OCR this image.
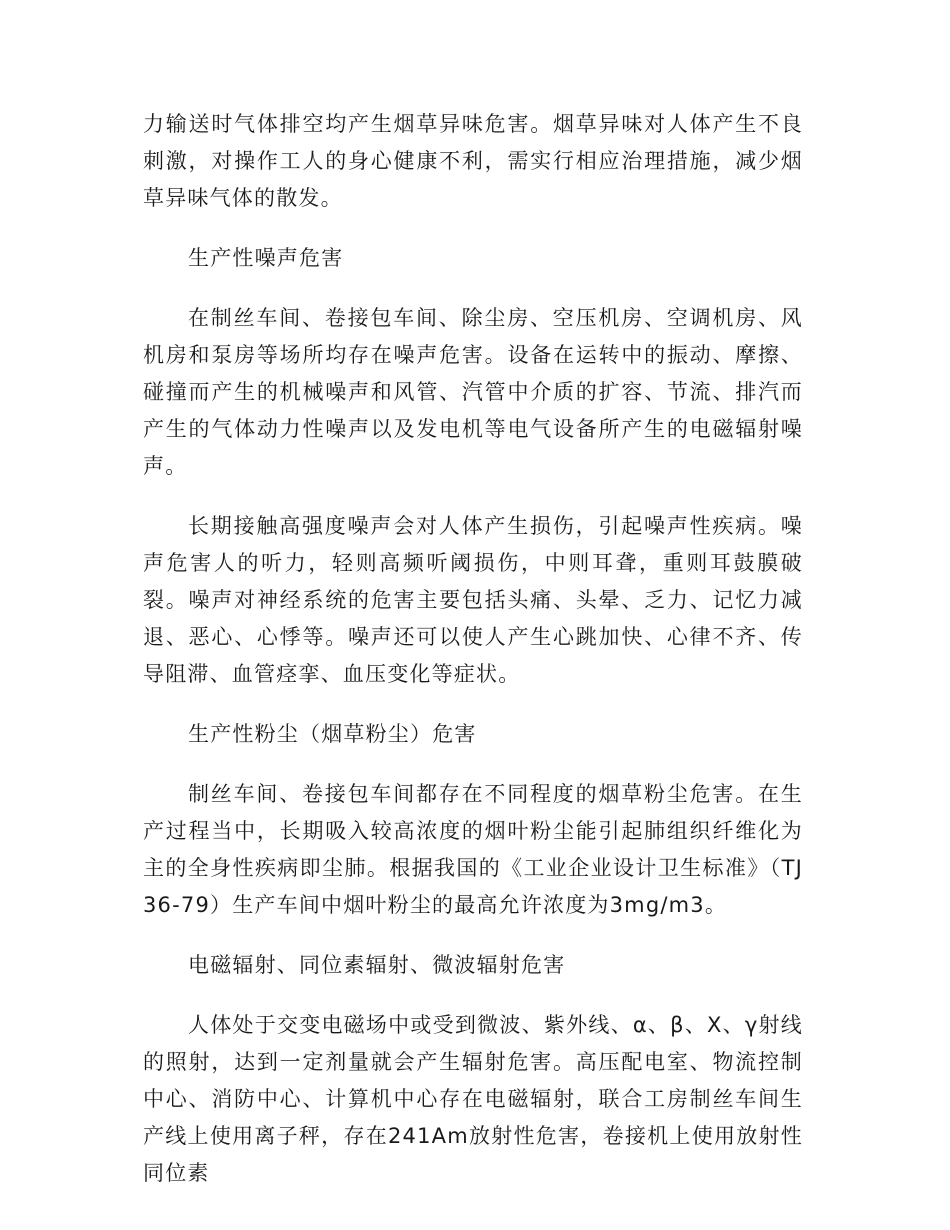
力输送时气体排空均产生烟草异味危害。烟草异味对人体产生不良刺激，对操作工人的身心健康不利，需实行相应治理措施，减少烟草异味气体的散发。

生产性噪声危害

在制丝车间、卷接包车间、除尘房、空压机房、空调机房、风机房和泵房等场所均存在噪声危害。设备在运转中的振动、摩擦、碰撞而产生的机械噪声和风管、汽管中介质的扩容、节流、排汽而产生的气体动力性噪声以及发电机等电气设备所产生的电磁辐射噪声。

长期接触高强度噪声会对人体产生损伤，引起噪声性疾病。噪声危害人的听力，轻则高频听阈损伤，中则耳聋，重则耳鼓膜破裂。噪声对神经系统的危害主要包括头痛、头晕、乏力、记忆力减退、恶心、心悸等。噪声还可以使人产生心跳加快、心律不齐、传导阻滞、血管痉挛、血压变化等症状。

生产性粉尘（烟草粉尘）危害

制丝车间、卷接包车间都存在不同程度的烟草粉尘危害。在生产过程当中，长期吸入较高浓度的烟叶粉尘能引起肺组织纤维化为主的全身性疾病即尘肺。根据我国的《工业企业设计卫生标准》（TJ36-79）生产车间中烟叶粉尘的最高允许浓度为3mg/m3。

电磁辐射、同位素辐射、微波辐射危害

人体处于交变电磁场中或受到微波、紫外线、α、β、X、γ射线的照射，达到一定剂量就会产生辐射危害。高压配电室、物流控制中心、消防中心、计算机中心存在电磁辐射，联合工房制丝车间生产线上使用离子秤，存在241Am放射性危害，卷接机上使用放射性同位素
